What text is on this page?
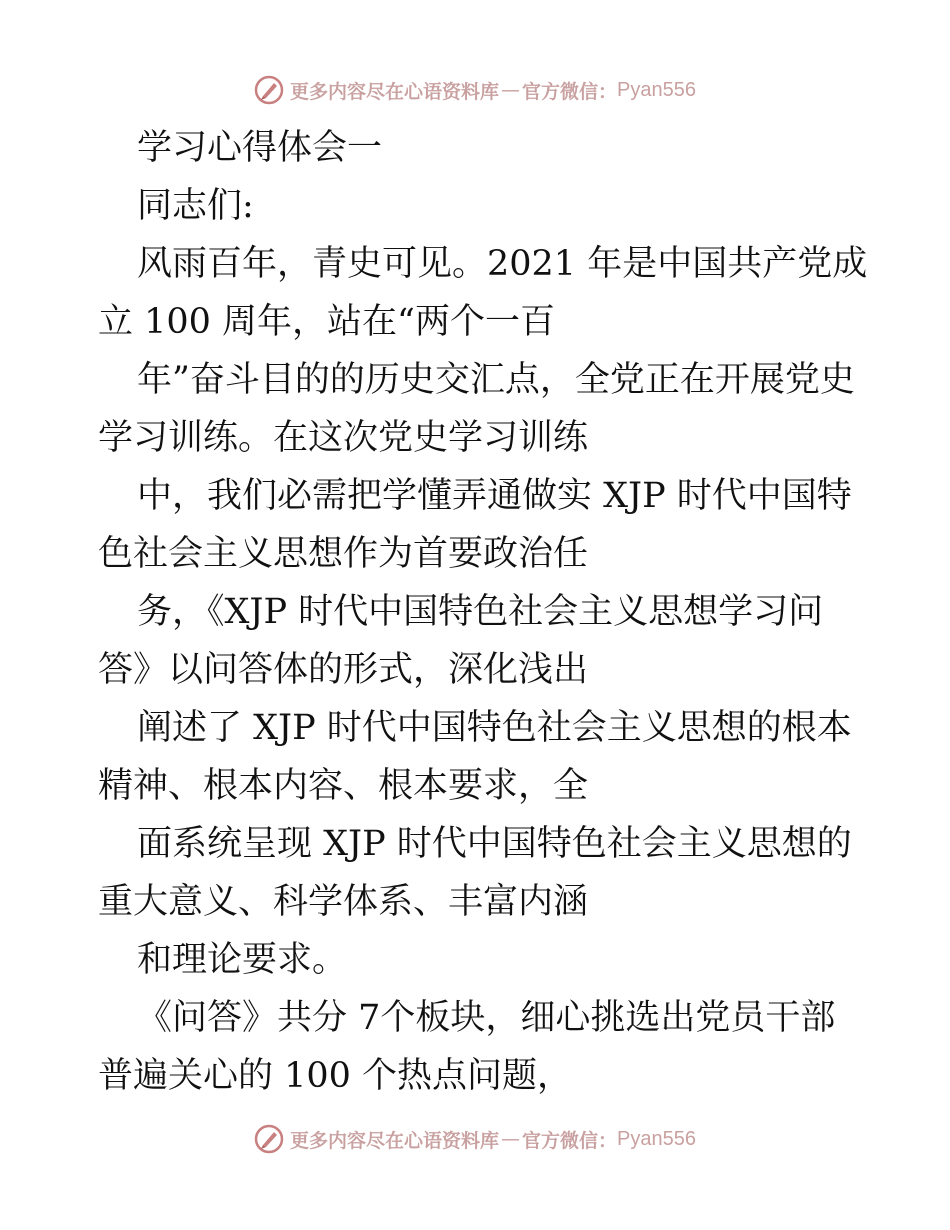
更多内容尽在心语资料库 — 官方微信： Pyan556
学习心得体会一
同志们:
风雨百年，青史可见。2021 年是中国共产党成
立 100 周年，站在“两个一百
年”奋斗目的的历史交汇点，全党正在开展党史
学习训练。在这次党史学习训练
中，我们必需把学懂弄通做实 XJP 时代中国特
色社会主义思想作为首要政治任
务，《XJP 时代中国特色社会主义思想学习问
答》以问答体的形式，深化浅出
阐述了 XJP 时代中国特色社会主义思想的根本
精神、根本内容、根本要求，全
面系统呈现 XJP 时代中国特色社会主义思想的
重大意义、科学体系、丰富内涵
和理论要求。
《问答》共分 7个板块，细心挑选出党员干部
普遍关心的 100 个热点问题，
更多内容尽在心语资料库 — 官方微信： Pyan556
